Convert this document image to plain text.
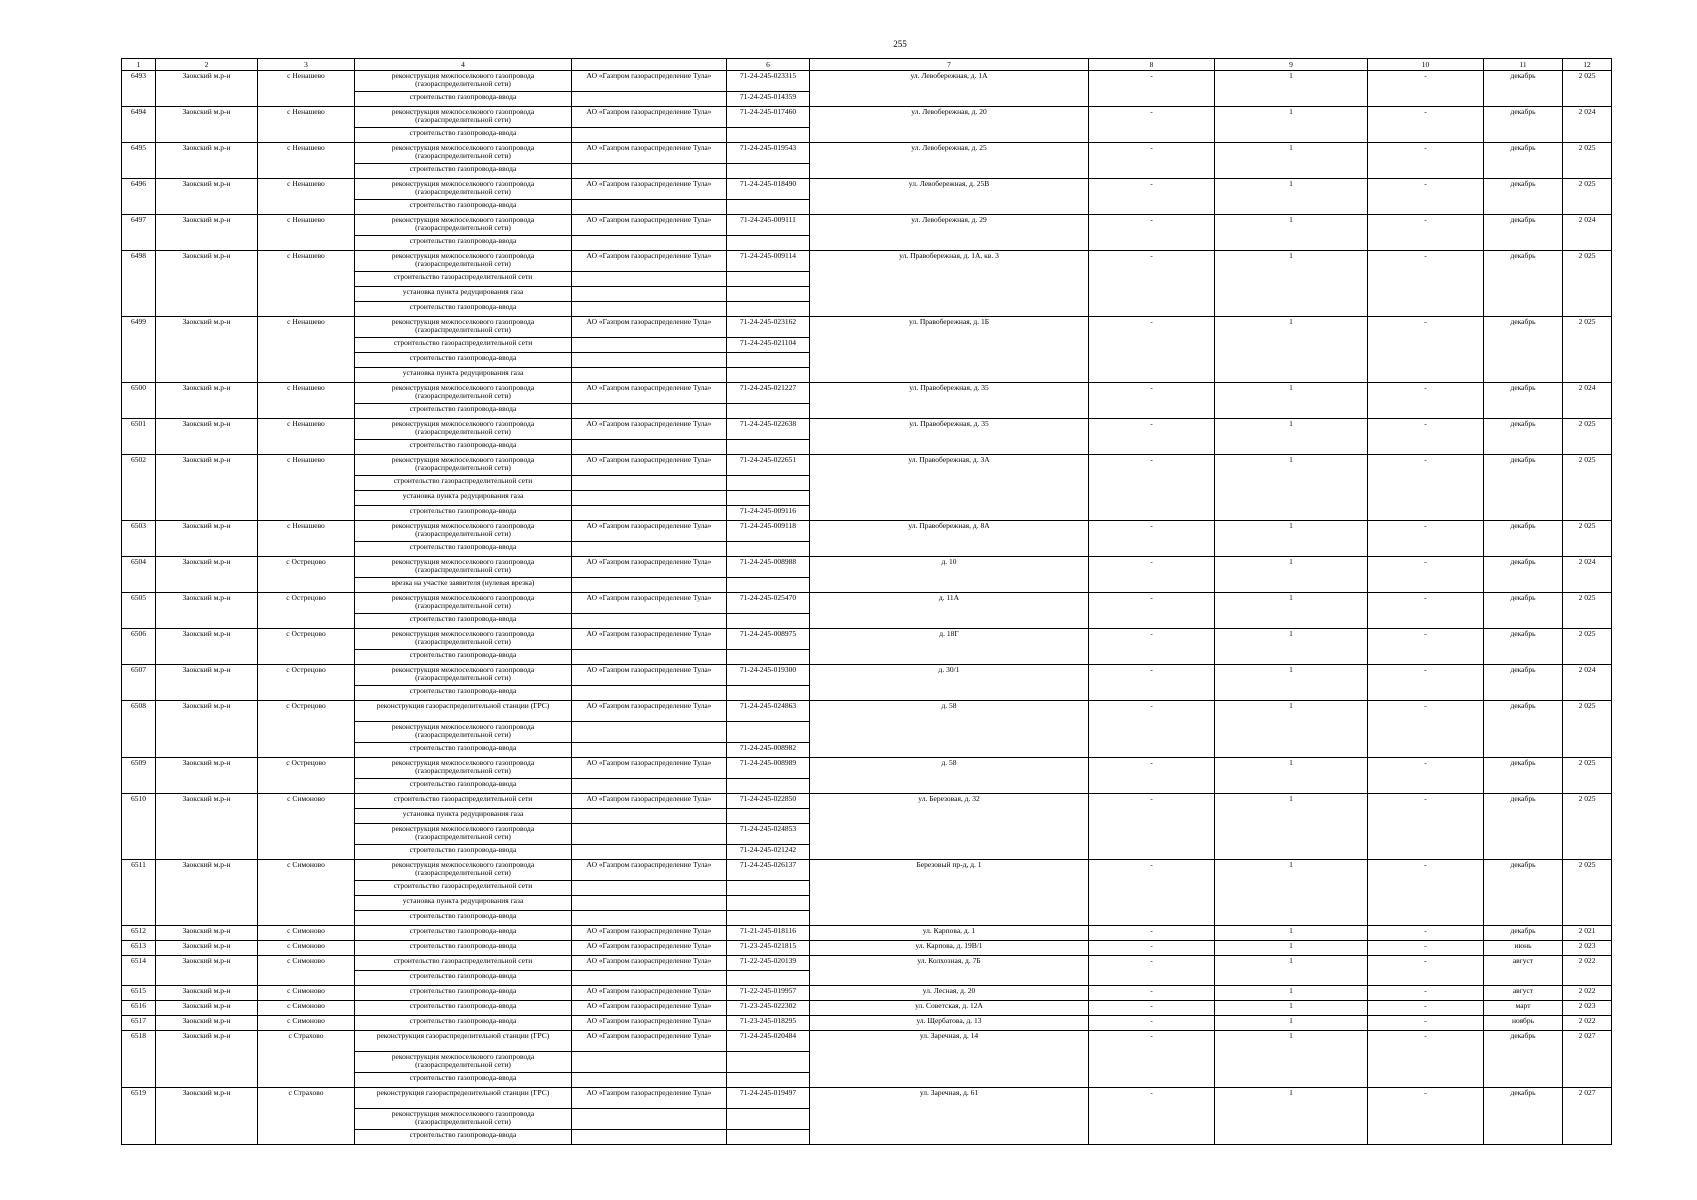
255
1	2	3	4		6	7	8	9	10	11	12
6493	Заокский м.р-н	с Ненашево	реконструкция межпоселкового газопровода (газораспределительной сети)	АО «Газпром газораспределение Тула»	71-24-245-023315	ул. Левобережная, д. 1А	-	1	-	декабрь	2 025
			строительство газопровода-ввода		71-24-245-014359						
6494	Заокский м.р-н	с Ненашево	реконструкция межпоселкового газопровода (газораспределительной сети)	АО «Газпром газораспределение Тула»	71-24-245-017460	ул. Левобережная, д. 20	-	1	-	декабрь	2 024
			строительство газопровода-ввода								
6495	Заокский м.р-н	с Ненашево	реконструкция межпоселкового газопровода (газораспределительной сети)	АО «Газпром газораспределение Тула»	71-24-245-019543	ул. Левобережная, д. 25	-	1	-	декабрь	2 025
			строительство газопровода-ввода								
6496	Заокский м.р-н	с Ненашево	реконструкция межпоселкового газопровода (газораспределительной сети)	АО «Газпром газораспределение Тула»	71-24-245-018490	ул. Левобережная, д. 25В	-	1	-	декабрь	2 025
			строительство газопровода-ввода								
6497	Заокский м.р-н	с Ненашево	реконструкция межпоселкового газопровода (газораспределительной сети)	АО «Газпром газораспределение Тула»	71-24-245-009111	ул. Левобережная, д. 29	-	1	-	декабрь	2 024
			строительство газопровода-ввода								
6498	Заокский м.р-н	с Ненашево	реконструкция межпоселкового газопровода (газораспределительной сети)	АО «Газпром газораспределение Тула»	71-24-245-009114	ул. Правобережная, д. 1А, кв. 3	-	1	-	декабрь	2 025
			строительство газораспределительной сети								
			установка пункта редуцирования газа								
			строительство газопровода-ввода								
6499	Заокский м.р-н	с Ненашево	реконструкция межпоселкового газопровода (газораспределительной сети)	АО «Газпром газораспределение Тула»	71-24-245-023162	ул. Правобережная, д. 1Б	-	1	-	декабрь	2 025
			строительство газораспределительной сети		71-24-245-021104						
			строительство газопровода-ввода								
			установка пункта редуцирования газа								
6500	Заокский м.р-н	с Ненашево	реконструкция межпоселкового газопровода (газораспределительной сети)	АО «Газпром газораспределение Тула»	71-24-245-021227	ул. Правобережная, д. 35	-	1	-	декабрь	2 024
			строительство газопровода-ввода								
6501	Заокский м.р-н	с Ненашево	реконструкция межпоселкового газопровода (газораспределительной сети)	АО «Газпром газораспределение Тула»	71-24-245-022638	ул. Правобережная, д. 35	-	1	-	декабрь	2 025
			строительство газопровода-ввода								
6502	Заокский м.р-н	с Ненашево	реконструкция межпоселкового газопровода (газораспределительной сети)	АО «Газпром газораспределение Тула»	71-24-245-022651	ул. Правобережная, д. 3А	-	1	-	декабрь	2 025
			строительство газораспределительной сети								
			установка пункта редуцирования газа								
			строительство газопровода-ввода		71-24-245-009116						
6503	Заокский м.р-н	с Ненашево	реконструкция межпоселкового газопровода (газораспределительной сети)	АО «Газпром газораспределение Тула»	71-24-245-009118	ул. Правобережная, д. 8А	-	1	-	декабрь	2 025
			строительство газопровода-ввода								
6504	Заокский м.р-н	с Острецово	реконструкция межпоселкового газопровода (газораспределительной сети)	АО «Газпром газораспределение Тула»	71-24-245-008988	д. 10	-	1	-	декабрь	2 024
			врезка на участке заявителя (нулевая врезка)								
6505	Заокский м.р-н	с Острецово	реконструкция межпоселкового газопровода (газораспределительной сети)	АО «Газпром газораспределение Тула»	71-24-245-025470	д. 11А	-	1	-	декабрь	2 025
			строительство газопровода-ввода								
6506	Заокский м.р-н	с Острецово	реконструкция межпоселкового газопровода (газораспределительной сети)	АО «Газпром газораспределение Тула»	71-24-245-008975	д. 18Г	-	1	-	декабрь	2 025
			строительство газопровода-ввода								
6507	Заокский м.р-н	с Острецово	реконструкция межпоселкового газопровода (газораспределительной сети)	АО «Газпром газораспределение Тула»	71-24-245-019300	д. 30/1	-	1	-	декабрь	2 024
			строительство газопровода-ввода								
6508	Заокский м.р-н	с Острецово	реконструкция газораспределительной станции (ГРС)	АО «Газпром газораспределение Тула»	71-24-245-024863	д. 58	-	1	-	декабрь	2 025
			реконструкция межпоселкового газопровода (газораспределительной сети)								
			строительство газопровода-ввода		71-24-245-008982						
6509	Заокский м.р-н	с Острецово	реконструкция межпоселкового газопровода (газораспределительной сети)	АО «Газпром газораспределение Тула»	71-24-245-008989	д. 58	-	1	-	декабрь	2 025
			строительство газопровода-ввода								
6510	Заокский м.р-н	с Симоново	строительство газораспределительной сети	АО «Газпром газораспределение Тула»	71-24-245-022850	ул. Березовая, д. 32	-	1	-	декабрь	2 025
			установка пункта редуцирования газа								
			реконструкция межпоселкового газопровода (газораспределительной сети)		71-24-245-024853						
			строительство газопровода-ввода		71-24-245-021242						
6511	Заокский м.р-н	с Симоново	реконструкция межпоселкового газопровода (газораспределительной сети)	АО «Газпром газораспределение Тула»	71-24-245-026137	Березовый пр-д, д. 1	-	1	-	декабрь	2 025
			строительство газораспределительной сети								
			установка пункта редуцирования газа								
			строительство газопровода-ввода								
6512	Заокский м.р-н	с Симоново	строительство газопровода-ввода	АО «Газпром газораспределение Тула»	71-21-245-018116	ул. Карпова, д. 1	-	1	-	декабрь	2 021
6513	Заокский м.р-н	с Симоново	строительство газопровода-ввода	АО «Газпром газораспределение Тула»	71-23-245-021815	ул. Карпова, д. 19В/1	-	1	-	июнь	2 023
6514	Заокский м.р-н	с Симоново	строительство газораспределительной сети	АО «Газпром газораспределение Тула»	71-22-245-020139	ул. Колхозная, д. 7Б	-	1	-	август	2 022
			строительство газопровода-ввода								
6515	Заокский м.р-н	с Симоново	строительство газопровода-ввода	АО «Газпром газораспределение Тула»	71-22-245-019957	ул. Лесная, д. 20	-	1	-	август	2 022
6516	Заокский м.р-н	с Симоново	строительство газопровода-ввода	АО «Газпром газораспределение Тула»	71-23-245-022302	ул. Советская, д. 12А	-	1	-	март	2 023
6517	Заокский м.р-н	с Симоново	строительство газопровода-ввода	АО «Газпром газораспределение Тула»	71-23-245-018295	ул. Щербатова, д. 13	-	1	-	ноябрь	2 022
6518	Заокский м.р-н	с Страхово	реконструкция газораспределительной станции (ГРС)	АО «Газпром газораспределение Тула»	71-24-245-020484	ул. Заречная, д. 14	-	1	-	декабрь	2 027
			реконструкция межпоселкового газопровода (газораспределительной сети)								
			строительство газопровода-ввода								
6519	Заокский м.р-н	с Страхово	реконструкция газораспределительной станции (ГРС)	АО «Газпром газораспределение Тула»	71-24-245-019497	ул. Заречная, д. 61	-	1	-	декабрь	2 027
			реконструкция межпоселкового газопровода (газораспределительной сети)								
			строительство газопровода-ввода								
